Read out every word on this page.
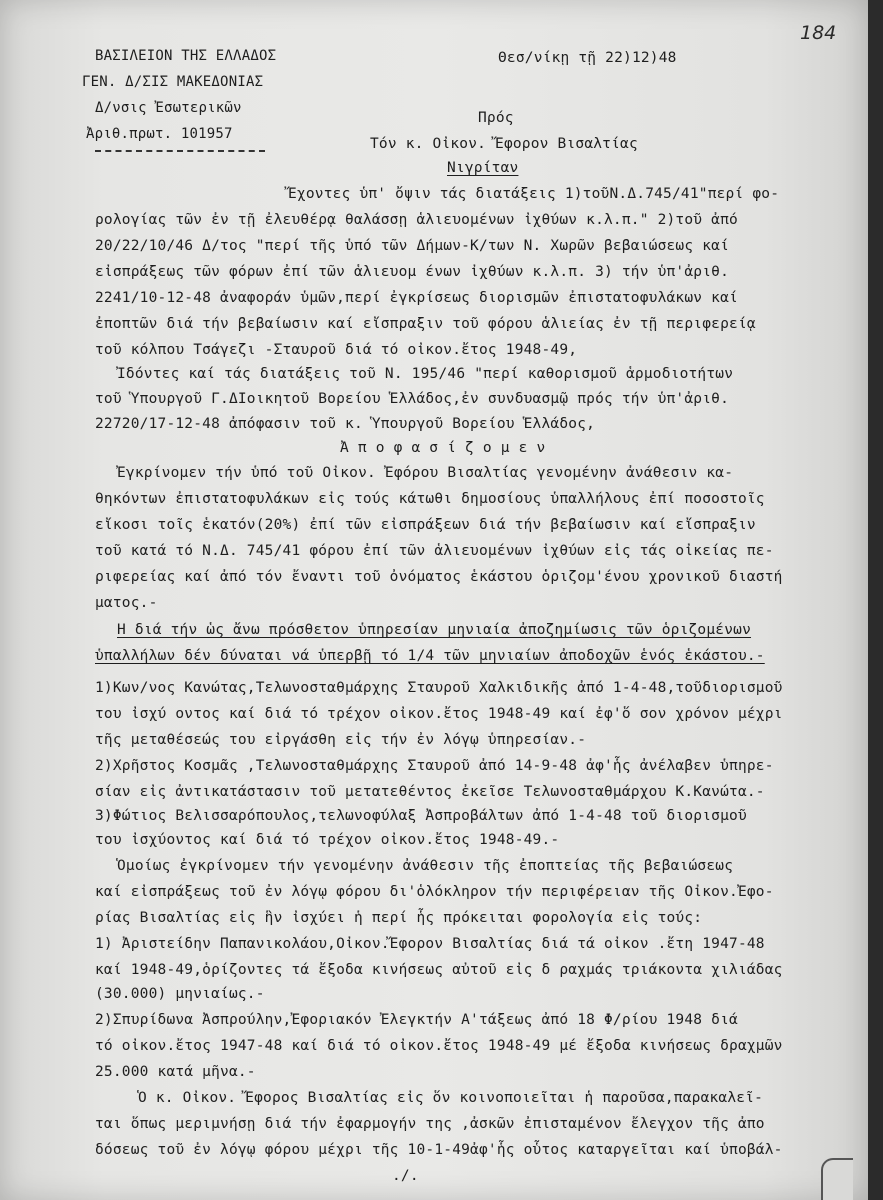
184
ΒΑΣΙΛΕΙΟΝ ΤΗΣ ΕΛΛΑΔΟΣ
ΓΕΝ. Δ/ΣΙΣ ΜΑΚΕΔΟΝΙΑΣ
Δ/νσις Ἐσωτερικῶν
Ἀριθ.πρωτ. 101957
Θεσ/νίκῃ τῇ 22)12)48
Πρός
Τόν κ. Οἰκον. Ἔφορον Βισαλτίας
Νιγρίταν
Ἔχοντες ὑπ' ὄψιν τάς διατάξεις 1)τοῦΝ.Δ.745/41"περί φο-
ρολογίας τῶν ἐν τῇ ἐλευθέρᾳ θαλάσσῃ ἁλιευομένων ἰχθύων κ.λ.π." 2)τοῦ ἀπό
20/22/10/46 Δ/τος "περί τῆς ὑπό τῶν Δήμων-Κ/των Ν. Χωρῶν βεβαιώσεως καί
εἰσπράξεως τῶν φόρων ἐπί τῶν ἁλιευομ ένων ἰχθύων κ.λ.π. 3) τήν ὑπ'ἀριθ.
2241/10-12-48 ἀναφοράν ὑμῶν,περί ἐγκρίσεως διορισμῶν ἐπιστατοφυλάκων καί
ἐποπτῶν διά τήν βεβαίωσιν καί εἴσπραξιν τοῦ φόρου ἁλιείας ἐν τῇ περιφερείᾳ
τοῦ κόλπου Τσάγεζι -Σταυροῦ διά τό οἰκον.ἔτος 1948-49,
Ἰδόντες καί τάς διατάξεις τοῦ Ν. 195/46 "περί καθορισμοῦ ἁρμοδιοτήτων
τοῦ Ὑπουργοῦ Γ.ΔΙοικητοῦ Βορείου Ἑλλάδος,ἐν συνδυασμῷ πρός τήν ὑπ'ἀριθ.
22720/17-12-48 ἀπόφασιν τοῦ κ. Ὑπουργοῦ Βορείου Ἑλλάδος,
Ἀ π ο φ α σ ί ζ ο μ ε ν
Ἐγκρίνομεν τήν ὑπό τοῦ Οἰκον. Ἐφόρου Βισαλτίας γενομένην ἀνάθεσιν κα-
θηκόντων ἐπιστατοφυλάκων εἰς τούς κάτωθι δημοσίους ὑπαλλήλους ἐπί ποσοστοῖς
εἴκοσι τοῖς ἑκατόν(20%) ἐπί τῶν εἰσπράξεων διά τήν βεβαίωσιν καί εἴσπραξιν
τοῦ κατά τό Ν.Δ. 745/41 φόρου ἐπί τῶν ἁλιευομένων ἰχθύων εἰς τάς οἰκείας πε-
ριφερείας καί ἀπό τόν ἔναντι τοῦ ὀνόματος ἑκάστου ὁριζομ'ένου χρονικοῦ διαστή
ματος.-
Η διά τήν ὡς ἄνω πρόσθετον ὑπηρεσίαν μηνιαία ἀποζημίωσις τῶν ὁριζομένων
ὑπαλλήλων δέν δύναται νά ὑπερβῇ τό 1/4 τῶν μηνιαίων ἀποδοχῶν ἑνός ἑκάστου.-
1)Κων/νος Κανώτας,Τελωνοσταθμάρχης Σταυροῦ Χαλκιδικῆς ἀπό 1-4-48,τοῦδιορισμοῦ
του ἰσχύ οντος καί διά τό τρέχον οἰκον.ἔτος 1948-49 καί ἐφ'ὅ σον χρόνον μέχρι
τῆς μεταθέσεώς του εἰργάσθη εἰς τήν ἐν λόγῳ ὑπηρεσίαν.-
2)Χρῆστος Κοσμᾶς ,Τελωνοσταθμάρχης Σταυροῦ ἀπό 14-9-48 ἀφ'ἧς ἀνέλαβεν ὑπηρε-
σίαν εἰς ἀντικατάστασιν τοῦ μετατεθέντος ἐκεῖσε Τελωνοσταθμάρχου Κ.Κανώτα.-
3)Φώτιος Βελισσαρόπουλος,τελωνοφύλαξ Ἀσπροβάλτων ἀπό 1-4-48 τοῦ διορισμοῦ
του ἰσχύοντος καί διά τό τρέχον οἰκον.ἔτος 1948-49.-
Ὁμοίως ἐγκρίνομεν τήν γενομένην ἀνάθεσιν τῆς ἐποπτείας τῆς βεβαιώσεως
καί εἰσπράξεως τοῦ ἐν λόγῳ φόρου δι'ὁλόκληρον τήν περιφέρειαν τῆς Οἰκον.Ἐφο-
ρίας Βισαλτίας εἰς ἣν ἰσχύει ἡ περί ἧς πρόκειται φορολογία εἰς τούς:
1) Ἀριστείδην Παπανικολάου,Οἰκον.Ἔφορον Βισαλτίας διά τά οἰκον .ἔτη 1947-48
καί 1948-49,ὁρίζοντες τά ἔξοδα κινήσεως αὐτοῦ εἰς δ ραχμάς τριάκοντα χιλιάδας
(30.000) μηνιαίως.-
2)Σπυρίδωνα Ἀσπρούλην,Ἐφοριακόν Ἐλεγκτήν Α'τάξεως ἀπό 18 Φ/ρίου 1948 διά
τό οἰκον.ἔτος 1947-48 καί διά τό οἰκον.ἔτος 1948-49 μέ ἔξοδα κινήσεως δραχμῶν
25.000 κατά μῆνα.-
Ὁ κ. Οἰκον. Ἔφορος Βισαλτίας εἰς ὅν κοινοποιεῖται ἡ παροῦσα,παρακαλεῖ-
ται ὅπως μεριμνήσῃ διά τήν ἐφαρμογήν της ,ἀσκῶν ἐπισταμένον ἔλεγχον τῆς ἀπο
δόσεως τοῦ ἐν λόγῳ φόρου μέχρι τῆς 10-1-49ἀφ'ἧς οὗτος καταργεῖται καί ὑποβάλ-
./.
